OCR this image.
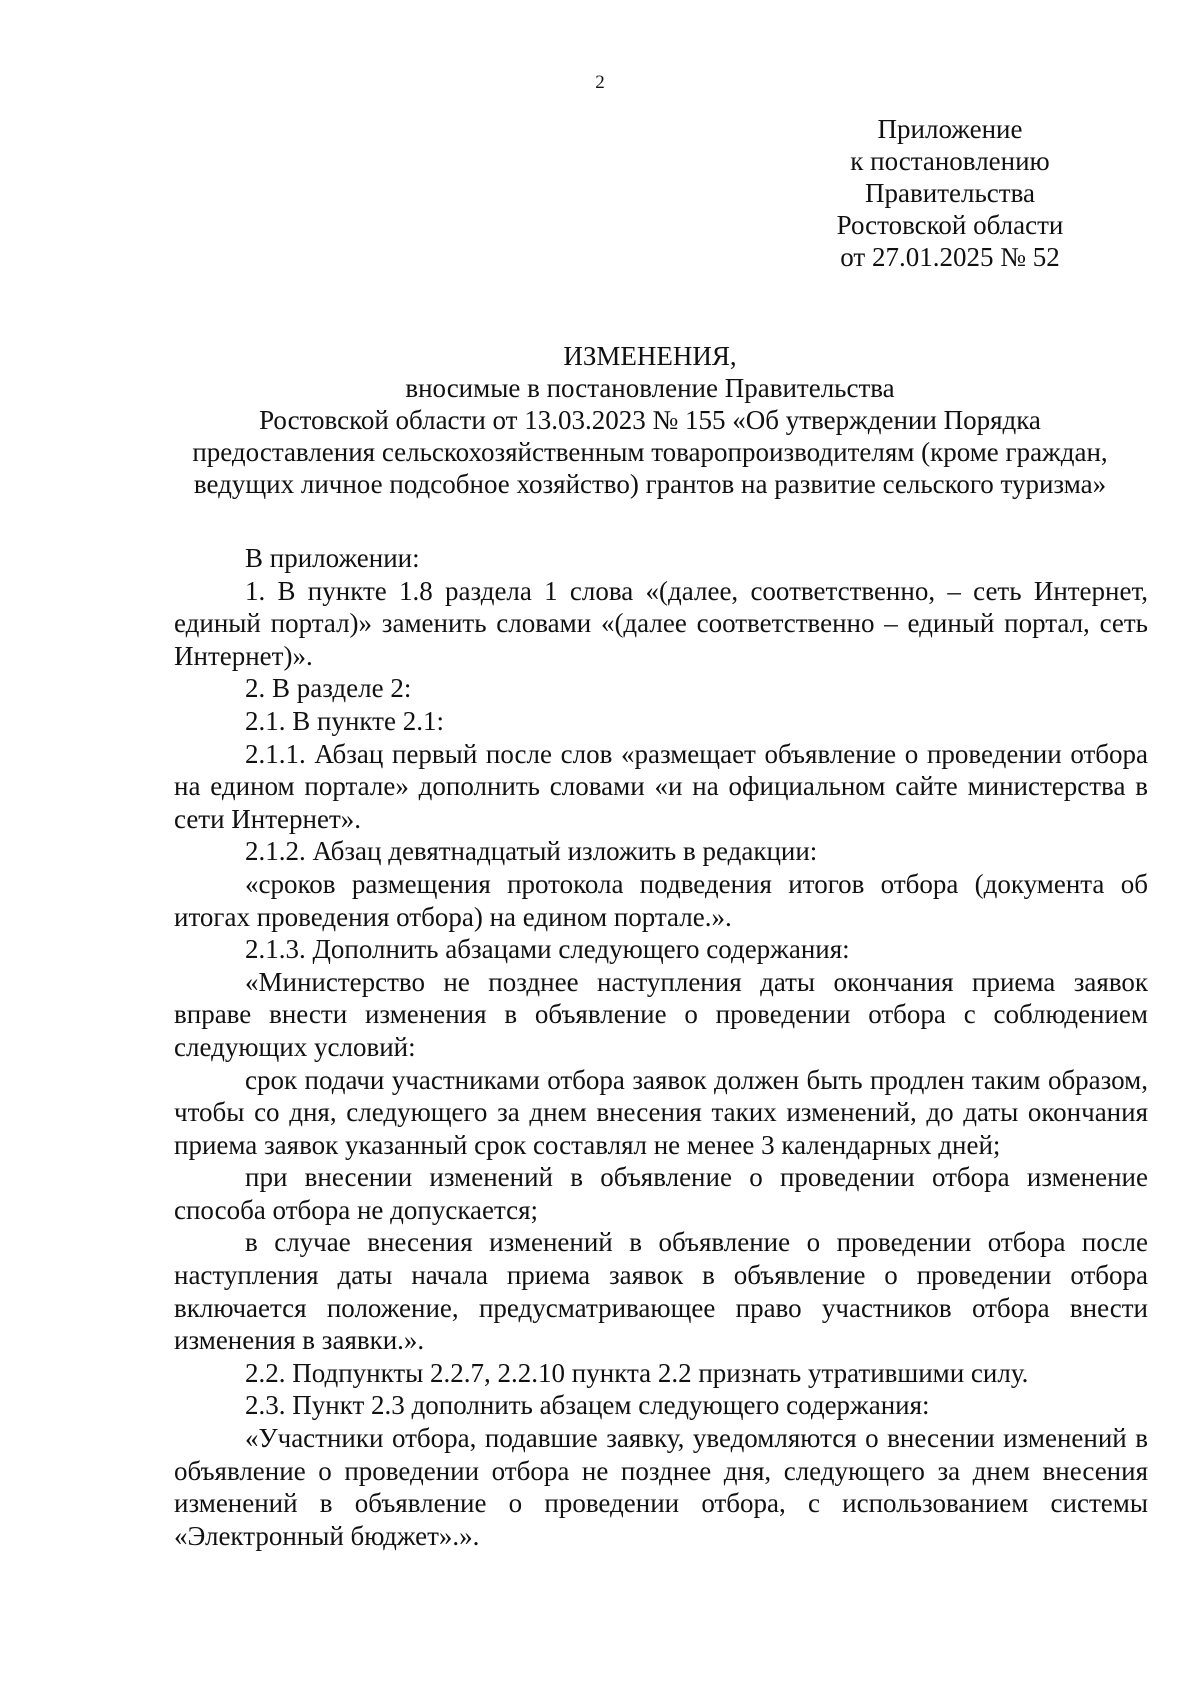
2
Приложение
к постановлению
Правительства
Ростовской области
от 27.01.2025 № 52
ИЗМЕНЕНИЯ,
вносимые в постановление Правительства
Ростовской области от 13.03.2023 № 155 «Об утверждении Порядка
предоставления сельскохозяйственным товаропроизводителям (кроме граждан,
ведущих личное подсобное хозяйство) грантов на развитие сельского туризма»

В приложении:

1. В пункте 1.8 раздела 1 слова «(далее, соответственно, – сеть Интернет, единый портал)» заменить словами «(далее соответственно – единый портал, сеть Интернет)».

2. В разделе 2:

2.1. В пункте 2.1:

2.1.1. Абзац первый после слов «размещает объявление о проведении отбора на едином портале» дополнить словами «и на официальном сайте министерства в сети Интернет».

2.1.2. Абзац девятнадцатый изложить в редакции:

«сроков размещения протокола подведения итогов отбора (документа об итогах проведения отбора) на едином портале.».

2.1.3. Дополнить абзацами следующего содержания:

«Министерство не позднее наступления даты окончания приема заявок вправе внести изменения в объявление о проведении отбора с соблюдением следующих условий:

срок подачи участниками отбора заявок должен быть продлен таким образом, чтобы со дня, следующего за днем внесения таких изменений, до даты окончания приема заявок указанный срок составлял не менее 3 календарных дней;

при внесении изменений в объявление о проведении отбора изменение способа отбора не допускается;

в случае внесения изменений в объявление о проведении отбора после наступления даты начала приема заявок в объявление о проведении отбора включается положение, предусматривающее право участников отбора внести изменения в заявки.».

2.2. Подпункты 2.2.7, 2.2.10 пункта 2.2 признать утратившими силу.

2.3. Пункт 2.3 дополнить абзацем следующего содержания:

«Участники отбора, подавшие заявку, уведомляются о внесении изменений в объявление о проведении отбора не позднее дня, следующего за днем внесения изменений в объявление о проведении отбора, с использованием системы «Электронный бюджет».».
